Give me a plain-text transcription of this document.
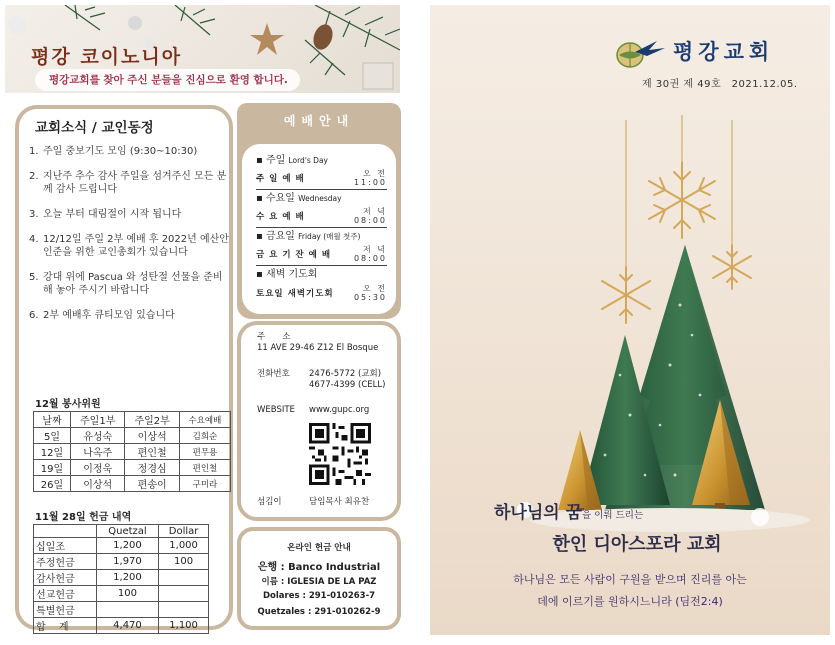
평강 코이노니아
평강교회를 찾아 주신 분들을 진심으로 환영 합니다.
교회소식 / 교인동정
1. 주일 중보기도 모임 (9:30~10:30)
2. 지난주 추수 감사 주일을 섬겨주신 모든 분께 감사 드립니다
3. 오늘 부터 대림절이 시작 됩니다
4. 12/12일 주일 2부 예배 후 2022년 예산안 인준을 위한 교인총회가 있습니다
5. 강대 위에 Pascua 와 성탄절 선물을 준비해 놓아 주시기 바랍니다
6. 2부 예배후 큐티모임 있습니다
12월 봉사위원
날짜	주일1부	주일2부	수요예배
5일	유성숙	이상석	김희순
12일	나옥주	편인철	편무용
19일	이정욱	정경심	편인철
26일	이상석	편송이	구미라
11월 28일 헌금 내역
	Quetzal	Dollar
십일조	1,200	1,000
주정헌금	1,970	100
감사헌금	1,200	
선교헌금	100	
특별헌금		
합　 계	4,470	1,100
예배안내
▪ 주일 Lord's Day
주 일 예 배
오 전
11:00
▪ 수요일 Wednesday
수 요 예 배
저 녁
08:00
▪ 금요일 Friday (매월 첫주)
금 요 기 잔 예 배
저 녁
08:00
▪ 새벽 기도회
토요일 새벽기도회
오 전
05:30
주　　소
11 AVE 29-46 Z12 El Bosque
전화번호 2476-5772 (교회)
4677-4399 (CELL)
WEBSITE www.gupc.org
섬김이	담임목사 최유찬
온라인 헌금 안내
은행 : Banco Industrial
이름 : IGLESIA DE LA PAZ
Dolares : 291-010263-7
Quetzales : 291-010262-9
평강교회
제 30권 제 49호　2021.12.05.
하나님의 꿈을 이뤄 드리는
한인 디아스포라 교회
하나님은 모든 사람이 구원을 받으며 진리를 아는
데에 이르기를 원하시느니라 (딤전2:4)
